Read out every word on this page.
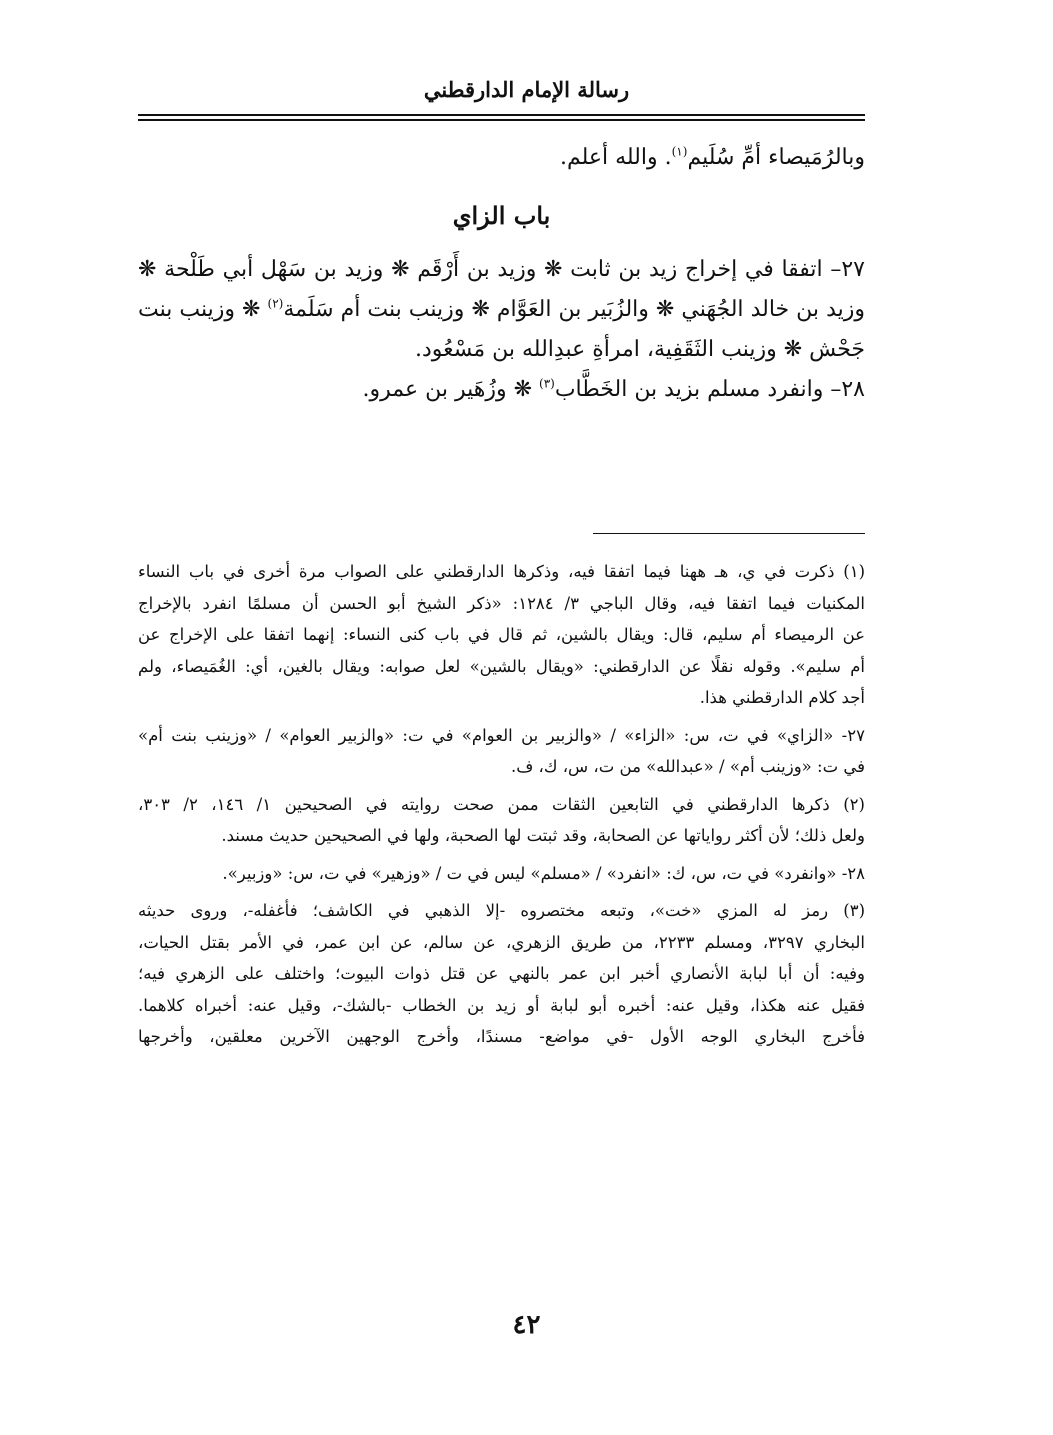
رسالة الإمام الدارقطني

وبالرُمَيصاء أمِّ سُلَيم$^{(١)}$. والله أعلم.

باب الزاي

٢٧– اتفقا في إخراج زيد بن ثابت ❋ وزيد بن أَرْقَم ❋ وزيد بن سَهْل أبي طَلْحة ❋

وزيد بن خالد الجُهَني ❋ والزُبَير بن العَوَّام ❋ وزينب بنت أم سَلَمة$^{(٢)}$ ❋ وزينب بنت

جَحْش ❋ وزينب الثَقَفِية، امرأةِ عبدِالله بن مَسْعُود.

٢٨– وانفرد مسلم بزيد بن الخَطَّاب$^{(٣)}$ ❋ وزُهَير بن عمرو.

(١) ذكرت في ي، هـ ههنا فيما اتفقا فيه، وذكرها الدارقطني على الصواب مرة أخرى في باب النساء
المكنيات فيما اتفقا فيه، وقال الباجي ٣/ ١٢٨٤: «ذكر الشيخ أبو الحسن أن مسلمًا انفرد بالإخراج
عن الرميصاء أم سليم، قال: ويقال بالشين، ثم قال في باب كنى النساء: إنهما اتفقا على الإخراج عن
أم سليم». وقوله نقلًا عن الدارقطني: «ويقال بالشين» لعل صوابه: ويقال بالغين، أي: الغُمَيصاء، ولم
أجد كلام الدارقطني هذا.
٢٧- «الزاي» في ت، س: «الزاء» / «والزبير بن العوام» في ت: «والزبير العوام» / «وزينب بنت أم»
في ت: «وزينب أم» / «عبدالله» من ت، س، ك، ف.
(٢) ذكرها الدارقطني في التابعين الثقات ممن صحت روايته في الصحيحين ١/ ١٤٦، ٢/ ٣٠٣،
ولعل ذلك؛ لأن أكثر رواياتها عن الصحابة، وقد ثبتت لها الصحبة، ولها في الصحيحين حديث مسند.
٢٨- «وانفرد» في ت، س، ك: «انفرد» / «مسلم» ليس في ت / «وزهير» في ت، س: «وزبير».
(٣) رمز له المزي «خت»، وتبعه مختصروه -إلا الذهبي في الكاشف؛ فأغفله-، وروى حديثه
البخاري ٣٢٩٧، ومسلم ٢٢٣٣، من طريق الزهري، عن سالم، عن ابن عمر، في الأمر بقتل الحيات،
وفيه: أن أبا لبابة الأنصاري أخبر ابن عمر بالنهي عن قتل ذوات البيوت؛ واختلف على الزهري فيه؛
فقيل عنه هكذا، وقيل عنه: أخبره أبو لبابة أو زيد بن الخطاب -بالشك-، وقيل عنه: أخبراه كلاهما.
فأخرج البخاري الوجه الأول -في مواضع- مسندًا، وأخرج الوجهين الآخرين معلقين، وأخرجها
٤٢
